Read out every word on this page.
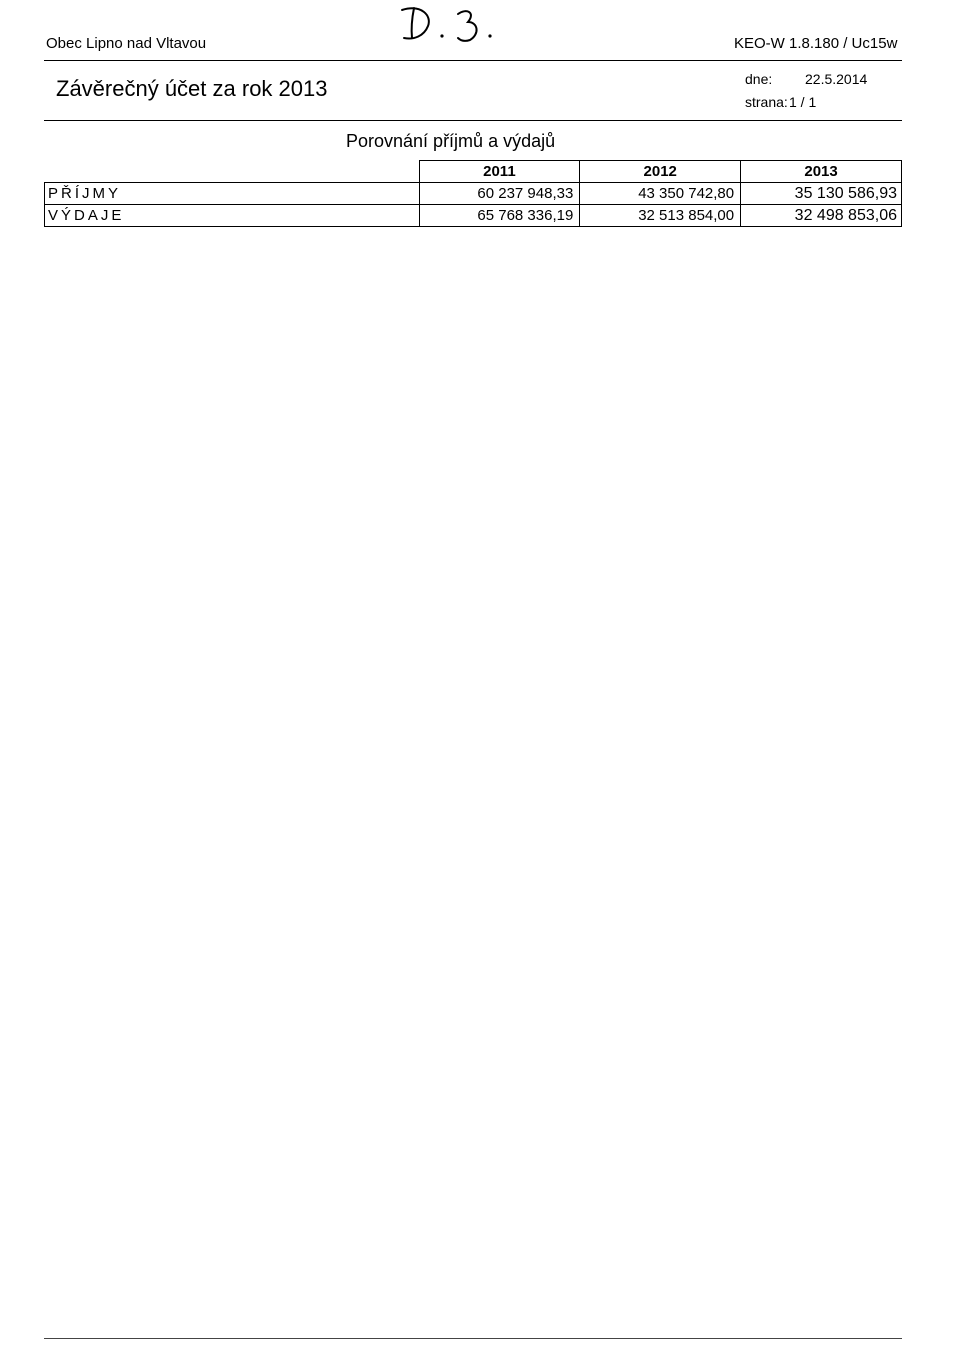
Obec Lipno nad Vltavou	KEO-W 1.8.180 / Uc15w
Závěrečný účet za rok 2013	dne: 22.5.2014
strana: 1 / 1
Porovnání příjmů a výdajů
		2011	2012	2013
PŘÍJMY		60 237 948,33	43 350 742,80	35 130 586,93
VÝDAJE		65 768 336,19	32 513 854,00	32 498 853,06
